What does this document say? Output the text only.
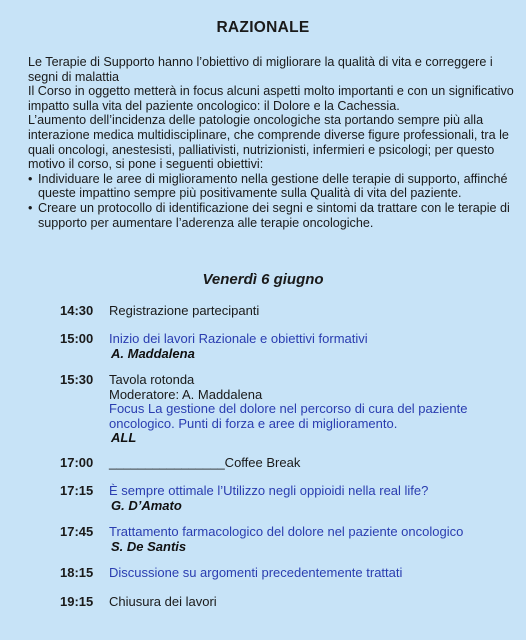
RAZIONALE

Le Terapie di Supporto hanno l’obiettivo di migliorare la qualità di vita e correggere i segni di malattia

Il Corso in oggetto metterà in focus alcuni aspetti molto importanti e con un significativo impatto sulla vita del paziente oncologico: il Dolore e la Cachessia.

L’aumento dell’incidenza delle patologie oncologiche sta portando sempre più alla interazione medica multidisciplinare, che comprende diverse figure professionali, tra le quali oncologi, anestesisti, palliativisti, nutrizionisti, infermieri e psicologi; per questo motivo il corso, si pone i seguenti obiettivi:

• Individuare le aree di miglioramento nella gestione delle terapie di supporto, affinché queste impattino sempre più positivamente sulla Qualità di vita del paziente.
• Creare un protocollo di identificazione dei segni e sintomi da trattare con le terapie di supporto per aumentare l’aderenza alle terapie oncologiche.
Venerdì 6 giugno
14:30	Registrazione partecipanti
15:00	Inizio dei lavori Razionale e obiettivi formativi
A. Maddalena
15:30	Tavola rotonda
Moderatore: A. Maddalena
Focus La gestione del dolore nel percorso di cura del paziente
oncologico. Punti di forza e aree di miglioramento.
ALL
17:00	________________Coffee Break
17:15	È sempre ottimale l’Utilizzo negli oppioidi nella real life?
G. D’Amato
17:45	Trattamento farmacologico del dolore nel paziente oncologico
S. De Santis
18:15	Discussione su argomenti precedentemente trattati
19:15	Chiusura dei lavori
